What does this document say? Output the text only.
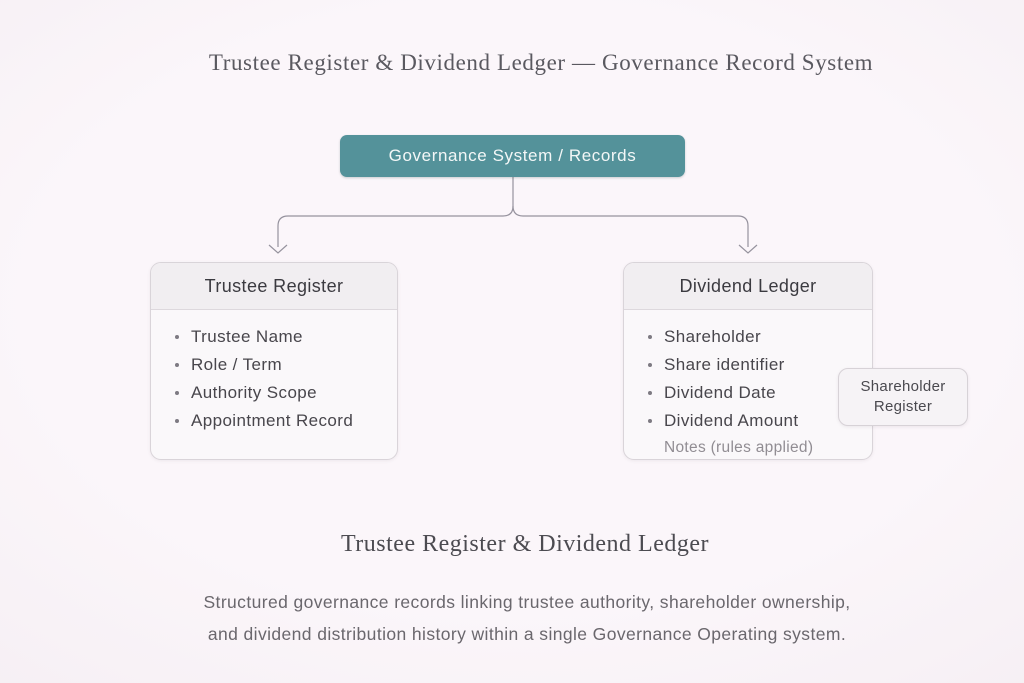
Trustee Register & Dividend Ledger — Governance Record System
Governance System / Records
Trustee Register
Trustee Name
Role / Term
Authority Scope
Appointment Record
Dividend Ledger
Shareholder
Share identifier
Dividend Date
Dividend Amount

Notes (rules applied)

Shareholder
Register
Trustee Register & Dividend Ledger

Structured governance records linking trustee authority, shareholder ownership,
and dividend distribution history within a single Governance Operating system.
